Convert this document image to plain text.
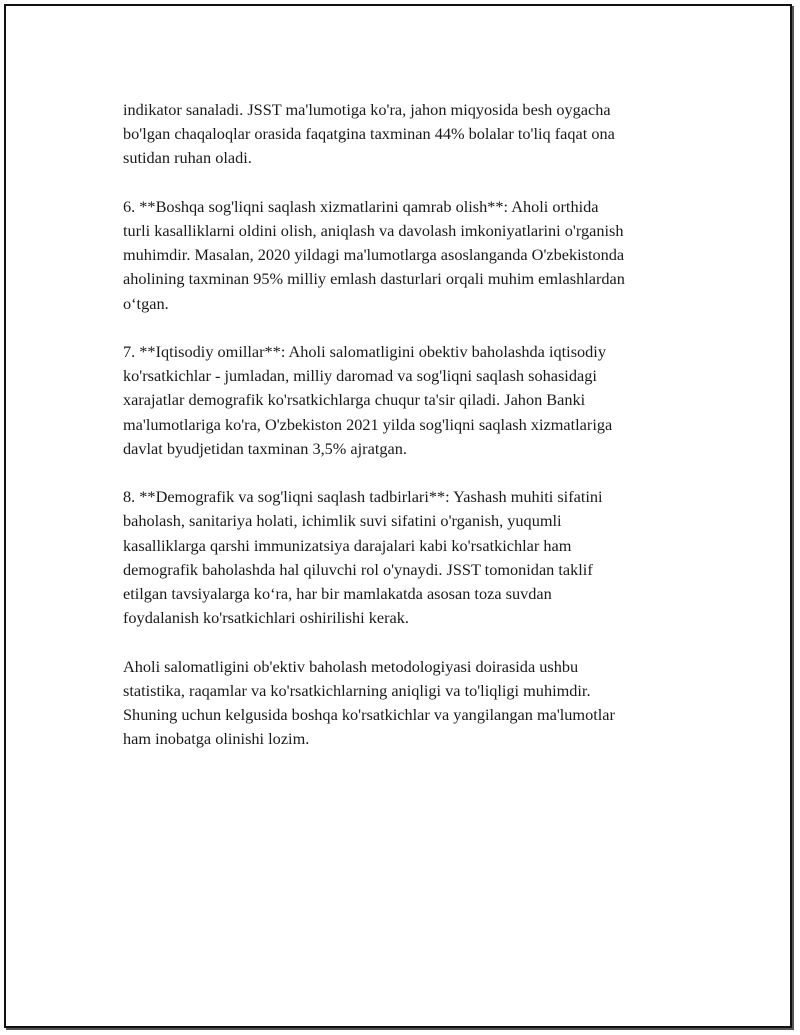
indikator sanaladi. JSST ma'lumotiga ko'ra, jahon miqyosida besh oygacha
bo'lgan chaqaloqlar orasida faqatgina taxminan 44% bolalar to'liq faqat ona
sutidan ruhan oladi.

6. **Boshqa sog'liqni saqlash xizmatlarini qamrab olish**: Aholi orthida
turli kasalliklarni oldini olish, aniqlash va davolash imkoniyatlarini o'rganish
muhimdir. Masalan, 2020 yildagi ma'lumotlarga asoslanganda O'zbekistonda
aholining taxminan 95% milliy emlash dasturlari orqali muhim emlashlardan
o‘tgan.

7. **Iqtisodiy omillar**: Aholi salomatligini obektiv baholashda iqtisodiy
ko'rsatkichlar - jumladan, milliy daromad va sog'liqni saqlash sohasidagi
xarajatlar demografik ko'rsatkichlarga chuqur ta'sir qiladi. Jahon Banki
ma'lumotlariga ko'ra, O'zbekiston 2021 yilda sog'liqni saqlash xizmatlariga
davlat byudjetidan taxminan 3,5% ajratgan.

8. **Demografik va sog'liqni saqlash tadbirlari**: Yashash muhiti sifatini
baholash, sanitariya holati, ichimlik suvi sifatini o'rganish, yuqumli
kasalliklarga qarshi immunizatsiya darajalari kabi ko'rsatkichlar ham
demografik baholashda hal qiluvchi rol o'ynaydi. JSST tomonidan taklif
etilgan tavsiyalarga ko‘ra, har bir mamlakatda asosan toza suvdan
foydalanish ko'rsatkichlari oshirilishi kerak.

Aholi salomatligini ob'ektiv baholash metodologiyasi doirasida ushbu
statistika, raqamlar va ko'rsatkichlarning aniqligi va to'liqligi muhimdir.
Shuning uchun kelgusida boshqa ko'rsatkichlar va yangilangan ma'lumotlar
ham inobatga olinishi lozim.
